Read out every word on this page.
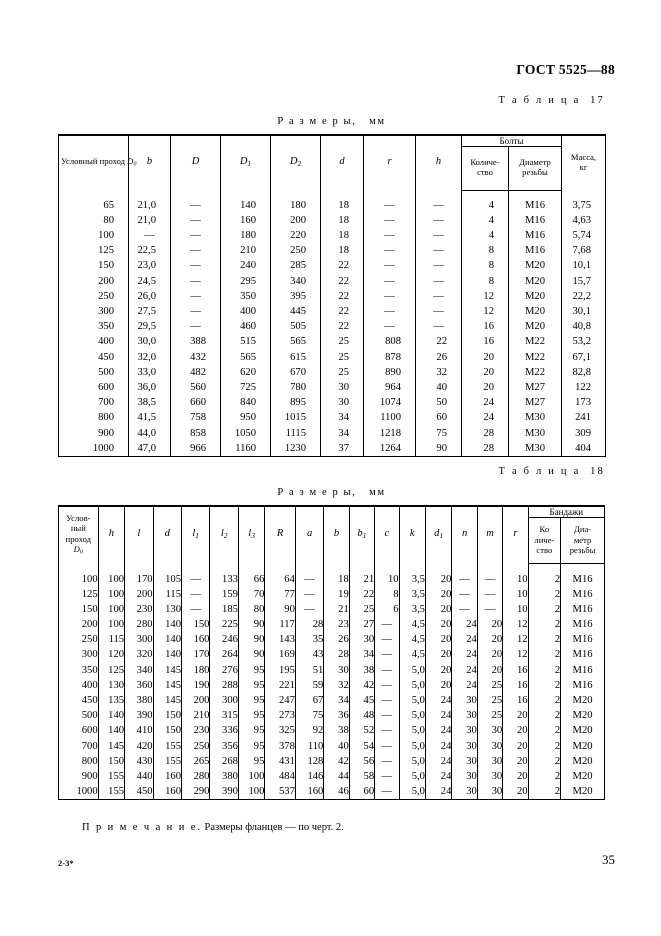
ГОСТ 5525—88
Т а б л и ц а  17
Р а з м е р ы,   мм
Условный проход $D_0$	b	D	$D_1$	$D_2$	d	r	h	Болты		Масса,
кг
								Количе-
ство	Диаметр
резьбы	

65	21,0	—	140	180	18	—	—	4	M16	3,75
80	21,0	—	160	200	18	—	—	4	M16	4,63
100	—	—	180	220	18	—	—	4	M16	5,74
125	22,5	—	210	250	18	—	—	8	M16	7,68
150	23,0	—	240	285	22	—	—	8	M20	10,1
200	24,5	—	295	340	22	—	—	8	M20	15,7
250	26,0	—	350	395	22	—	—	12	M20	22,2
300	27,5	—	400	445	22	—	—	12	M20	30,1
350	29,5	—	460	505	22	—	—	16	M20	40,8
400	30,0	388	515	565	25	808	22	16	M22	53,2
450	32,0	432	565	615	25	878	26	20	M22	67,1
500	33,0	482	620	670	25	890	32	20	M22	82,8
600	36,0	560	725	780	30	964	40	20	M27	122
700	38,5	660	840	895	30	1074	50	24	M27	173
800	41,5	758	950	1015	34	1100	60	24	M30	241
900	44,0	858	1050	1115	34	1218	75	28	M30	309
1000	47,0	966	1160	1230	37	1264	90	28	M30	404
Т а б л и ц а  18
Р а з м е р ы,   мм
Услов-
ный
проход
$D_0$	h	l	d	$l_1$	$l_2$	$l_3$	R	a	b	$b_1$	c	k	$d_1$	n	m	r	Бандажи	
																	Ко
личе-
ство	Диа-
метр
резьбы

100	100	170	105	—	133	66	64	—	18	21	10	3,5	20	—	—	10	2	M16
125	100	200	115	—	159	70	77	—	19	22	8	3,5	20	—	—	10	2	M16
150	100	230	130	—	185	80	90	—	21	25	6	3,5	20	—	—	10	2	M16
200	100	280	140	150	225	90	117	28	23	27	—	4,5	20	24	20	12	2	M16
250	115	300	140	160	246	90	143	35	26	30	—	4,5	20	24	20	12	2	M16
300	120	320	140	170	264	90	169	43	28	34	—	4,5	20	24	20	12	2	M16
350	125	340	145	180	276	95	195	51	30	38	—	5,0	20	24	20	16	2	M16
400	130	360	145	190	288	95	221	59	32	42	—	5,0	20	24	25	16	2	M16
450	135	380	145	200	300	95	247	67	34	45	—	5,0	24	30	25	16	2	M20
500	140	390	150	210	315	95	273	75	36	48	—	5,0	24	30	25	20	2	M20
600	140	410	150	230	336	95	325	92	38	52	—	5,0	24	30	30	20	2	M20
700	145	420	155	250	356	95	378	110	40	54	—	5,0	24	30	30	20	2	M20
800	150	430	155	265	268	95	431	128	42	56	—	5,0	24	30	30	20	2	M20
900	155	440	160	280	380	100	484	146	44	58	—	5,0	24	30	30	20	2	M20
1000	155	450	160	290	390	100	537	160	46	60	—	5,0	24	30	30	20	2	M20
П р и м е ч а н и е. Размеры фланцев — по черт. 2.
2-3*	35
